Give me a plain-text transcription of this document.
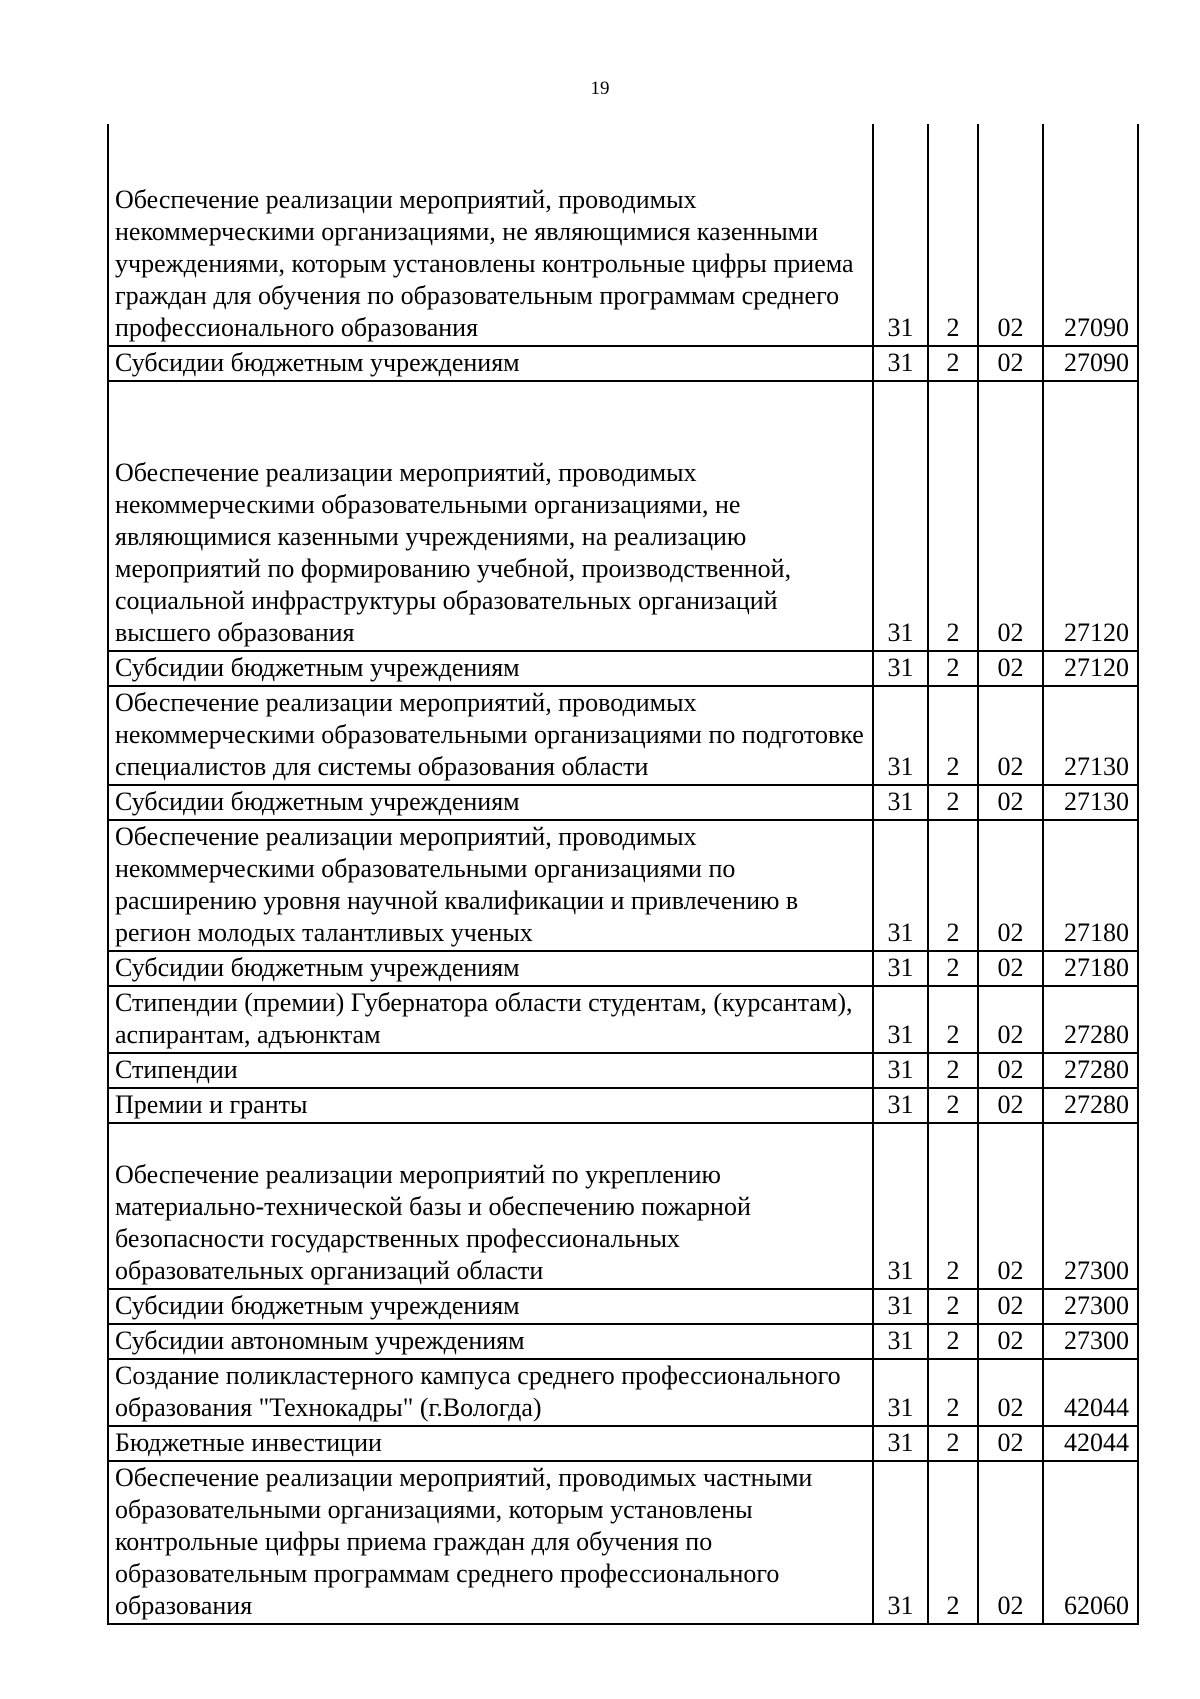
19
Обеспечение реализации мероприятий, проводимых некоммерческими организациями, не являющимися казенными учреждениями, которым установлены контрольные цифры приема граждан для обучения по образовательным программам среднего профессионального образования	31	2	02	27090
Субсидии бюджетным учреждениям	31	2	02	27090
Обеспечение реализации мероприятий, проводимых некоммерческими образовательными организациями, не являющимися казенными учреждениями, на реализацию мероприятий по формированию учебной, производственной, социальной инфраструктуры образовательных организаций высшего образования	31	2	02	27120
Субсидии бюджетным учреждениям	31	2	02	27120
Обеспечение реализации мероприятий, проводимых некоммерческими образовательными организациями по подготовке специалистов для системы образования области	31	2	02	27130
Субсидии бюджетным учреждениям	31	2	02	27130
Обеспечение реализации мероприятий, проводимых некоммерческими образовательными организациями по расширению уровня научной квалификации и привлечению в регион молодых талантливых ученых	31	2	02	27180
Субсидии бюджетным учреждениям	31	2	02	27180
Стипендии (премии) Губернатора области студентам, (курсантам), аспирантам, адъюнктам	31	2	02	27280
Стипендии	31	2	02	27280
Премии и гранты	31	2	02	27280
Обеспечение реализации мероприятий по укреплению материально-технической базы и обеспечению пожарной безопасности государственных профессиональных образовательных организаций области	31	2	02	27300
Субсидии бюджетным учреждениям	31	2	02	27300
Субсидии автономным учреждениям	31	2	02	27300
Создание поликластерного кампуса среднего профессионального образования "Технокадры" (г.Вологда)	31	2	02	42044
Бюджетные инвестиции	31	2	02	42044
Обеспечение реализации мероприятий, проводимых частными образовательными организациями, которым установлены контрольные цифры приема граждан для обучения по образовательным программам среднего профессионального образования	31	2	02	62060
